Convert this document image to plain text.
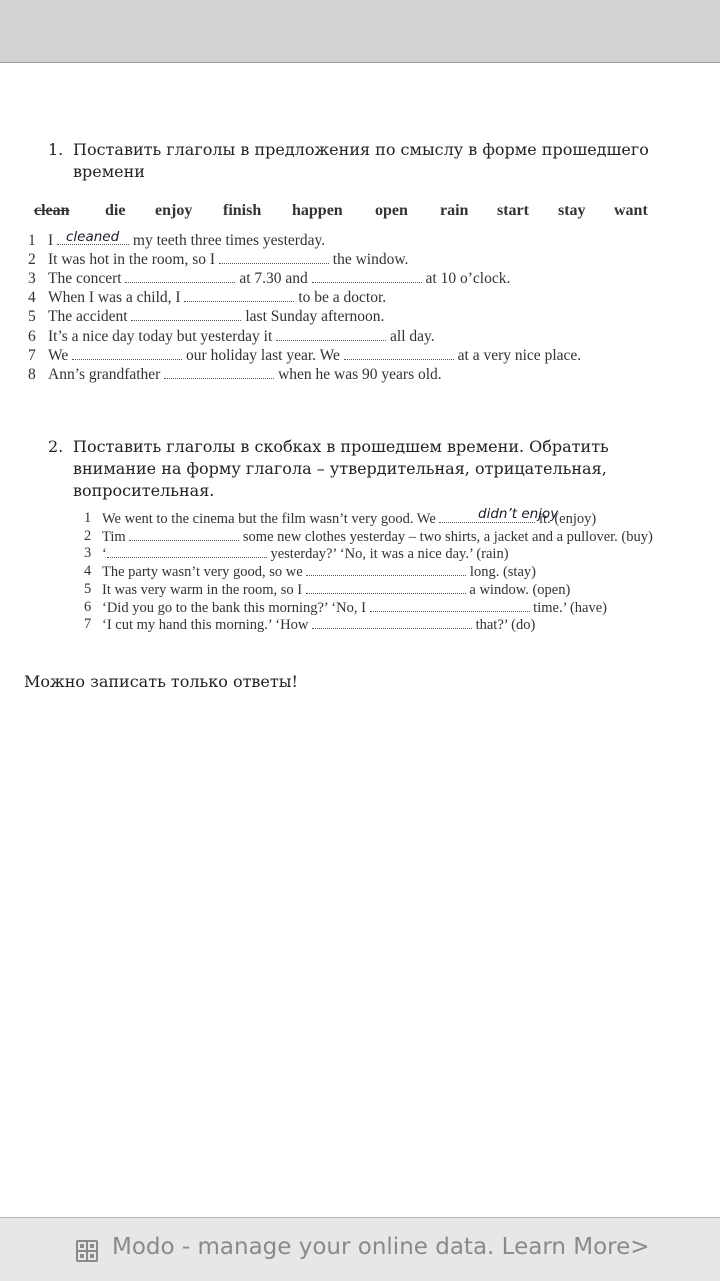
1. Поставить глаголы в предложения по смыслу в форме прошедшего
времени
clean die enjoy finish happen open rain start stay want
1 I	my teeth three times yesterday.
cleaned
2 It was hot in the room, so I	the window.
3 The concert	at 7.30 and	at 10 o’clock.
4 When I was a child, I	to be a doctor.
5 The accident	last Sunday afternoon.
6 It’s a nice day today but yesterday it	all day.
7 We	our holiday last year. We	at a very nice place.
8 Ann’s grandfather	when he was 90 years old.
2. Поставить глаголы в скобках в прошедшем времени. Обратить
внимание на форму глагола – утвердительная, отрицательная,
вопросительная.
1 We went to the cinema but the film wasn’t very good. We	it. (enjoy)
didn’t enjoy
2 Tim	some new clothes yesterday – two shirts, a jacket and a pullover. (buy)
3 ‘	yesterday?’ ‘No, it was a nice day.’ (rain)
4 The party wasn’t very good, so we	long. (stay)
5 It was very warm in the room, so I	a window. (open)
6 ‘Did you go to the bank this morning?’ ‘No, I	time.’ (have)
7 ‘I cut my hand this morning.’ ‘How	that?’ (do)
Можно записать только ответы!
Modo - manage your online data. Learn More>
